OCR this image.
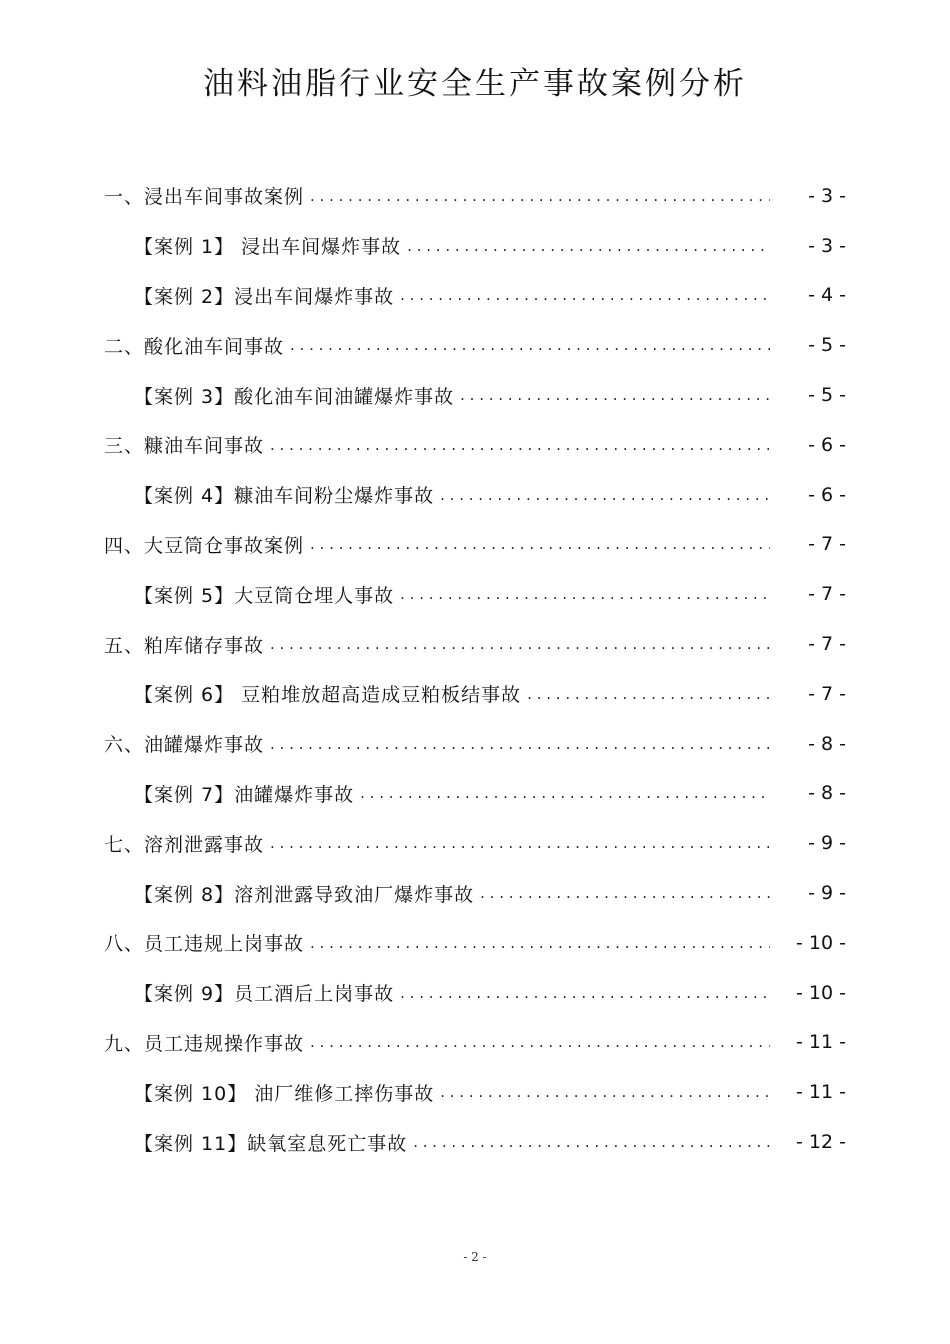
油料油脂行业安全生产事故案例分析
一、浸出车间事故案例 . . .	- 3 -
【案例 1】 浸出车间爆炸事故 . . .	- 3 -
【案例 2】浸出车间爆炸事故 . . .	- 4 -
二、酸化油车间事故 . . .	- 5 -
【案例 3】酸化油车间油罐爆炸事故 . . .	- 5 -
三、糠油车间事故 . . .	- 6 -
【案例 4】糠油车间粉尘爆炸事故 . . .	- 6 -
四、大豆筒仓事故案例 . . .	- 7 -
【案例 5】大豆筒仓埋人事故 . . .	- 7 -
五、粕库储存事故 . . .	- 7 -
【案例 6】 豆粕堆放超高造成豆粕板结事故 . . .	- 7 -
六、油罐爆炸事故 . . .	- 8 -
【案例 7】油罐爆炸事故 . . .	- 8 -
七、溶剂泄露事故 . . .	- 9 -
【案例 8】溶剂泄露导致油厂爆炸事故 . . .	- 9 -
八、员工违规上岗事故 . . .	- 10 -
【案例 9】员工酒后上岗事故 . . .	- 10 -
九、员工违规操作事故 . . .	- 11 -
【案例 10】 油厂维修工摔伤事故 . . .	- 11 -
【案例 11】缺氧室息死亡事故 . . .	- 12 -
- 2 -
